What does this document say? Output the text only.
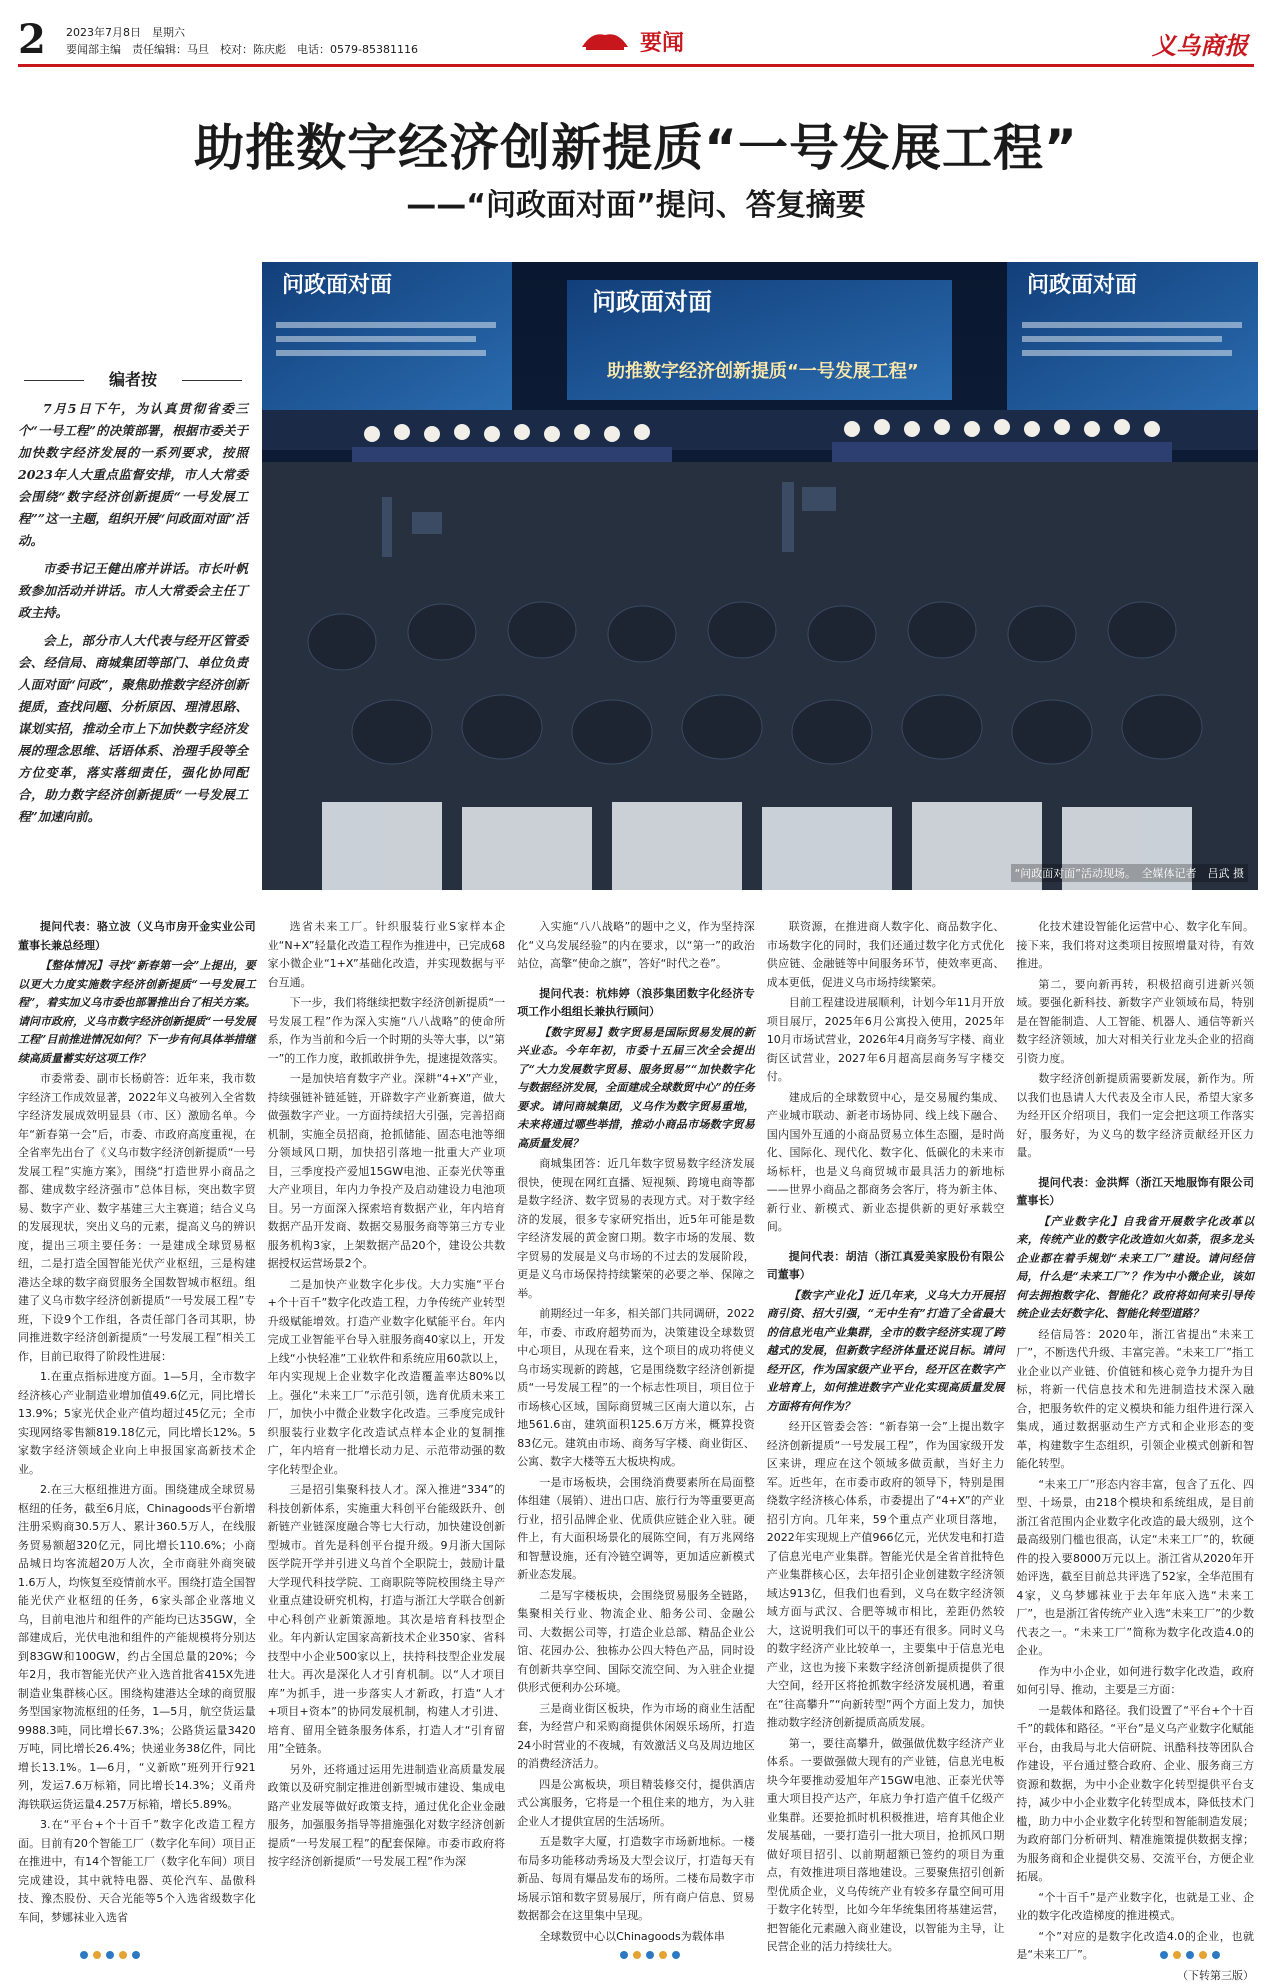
2 2023年7月8日　星期六
要闻部主编　责任编辑：马旦　校对：陈庆彪　电话：0579-85381116	要闻	义乌商报
助推数字经济创新提质“一号发展工程”
——“问政面对面”提问、答复摘要
编者按

7月5日下午，为认真贯彻省委三个“一号工程”的决策部署，根据市委关于加快数字经济发展的一系列要求，按照2023年人大重点监督安排，市人大常委会围绕“数字经济创新提质“一号发展工程””这一主题，组织开展“问政面对面”活动。

市委书记王健出席并讲话。市长叶帆致参加活动并讲话。市人大常委会主任丁政主持。

会上，部分市人大代表与经开区管委会、经信局、商城集团等部门、单位负责人面对面“问政”，聚焦助推数字经济创新提质，查找问题、分析原因、理清思路、谋划实招，推动全市上下加快数字经济发展的理念思维、话语体系、治理手段等全方位变革，落实落细责任，强化协同配合，助力数字经济创新提质“一号发展工程”加速向前。

问政面对面
问政面对面
问政面对面
助推数字经济创新提质“一号发展工程”
“问政面对面”活动现场。　全媒体记者　吕武 摄

提问代表：骆立波（义乌市房开金实业公司董事长兼总经理）

【整体情况】寻找“新春第一会”上提出，要以更大力度实施数字经济创新提质“一号发展工程”，着实加义乌市委也部署推出台了相关方案。请问市政府，义乌市数字经济创新提质“一号发展工程”目前推进情况如何？下一步有何具体举措继续高质量蓄实好这项工作？

市委常委、副市长杨蔚答：近年来，我市数字经济工作成效显著，2022年义乌被列入全省数字经济发展成效明显县（市、区）激励名单。今年“新春第一会”后，市委、市政府高度重视，在全省率先出台了《义乌市数字经济创新提质“一号发展工程”实施方案》，围绕“打造世界小商品之都、建成数字经济强市”总体目标，突出数字贸易、数字产业、数字基建三大主赛道；结合义乌的发展现状，突出义乌的元素，提高义乌的辨识度，提出三项主要任务：一是建成全球贸易枢纽，二是打造全国智能光伏产业枢纽，三是构建港达全球的数字商贸服务全国数智城市枢纽。组建了义乌市数字经济创新提质“一号发展工程”专班，下设9个工作组，各责任部门各司其职，协同推进数字经济创新提质“一号发展工程”相关工作，目前已取得了阶段性进展：

1.在重点指标进度方面。1—5月，全市数字经济核心产业制造业增加值49.6亿元，同比增长13.9%；5家光伏企业产值均超过45亿元；全市实现网络零售额819.18亿元，同比增长12%。5家数字经济领域企业向上申报国家高新技术企业。

2.在三大枢纽推进方面。围绕建成全球贸易枢纽的任务，截至6月底，Chinagoods平台新增注册采购商30.5万人、累计360.5万人，在线服务贸易额超320亿元，同比增长110.6%；小商品城日均客流超20万人次，全市商驻外商突破1.6万人，均恢复至疫情前水平。围绕打造全国智能光伏产业枢纽的任务，6家头部企业落地义乌，目前电池片和组件的产能均已达35GW，全部建成后，光伏电池和组件的产能规模将分别达到83GW和100GW，约占全国总量的20%；今年2月，我市智能光伏产业入选首批省415X先进制造业集群核心区。围绕构建港达全球的商贸服务型国家物流枢纽的任务，1—5月，航空货运量9988.3吨，同比增长67.3%；公路货运量3420万吨，同比增长26.4%；快递业务38亿件，同比增长13.1%。1—6月，“义新欧”班列开行921列，发运7.6万标箱，同比增长14.3%；义甬舟海铁联运货运量4.257万标箱，增长5.89%。

3.在“平台+个十百千”数字化改造工程方面。目前有20个智能工厂（数字化车间）项目正在推进中，有14个智能工厂（数字化车间）项目完成建设，其中就特电器、英伦汽车、晶傲科技、豫杰股份、天合光能等5个入选省级数字化车间，梦娜袜业入选省

选省未来工厂。针织服装行业S家样本企业“N+X”轻量化改造工程作为推进中，已完成68家小微企业“1+X”基础化改造，并实现数据与平台互通。

下一步，我们将继续把数字经济创新提质“一号发展工程”作为深入实施“八八战略”的使命所系，作为当前和今后一个时期的头等大事，以“第一”的工作力度，敢抓敢拼争先，提速提效落实。

一是加快培育数字产业。深耕“4+X”产业，持续强链补链延链，开辟数字产业新赛道，做大做强数字产业。一方面持续招大引强，完善招商机制，实施全员招商，抢抓储能、固态电池等细分领域风口期，加快招引落地一批重大产业项目，三季度投产爱旭15GW电池、正泰光伏等重大产业项目，年内力争投产及启动建设力电池项目。另一方面深入探索培育数据产业，年内培育数据产品开发商、数据交易服务商等第三方专业服务机构3家，上架数据产品20个，建设公共数据授权运营场景2个。

二是加快产业数字化步伐。大力实施“平台+个十百千”数字化改造工程，力争传统产业转型升级赋能增效。打造产业数字化赋能平台。年内完成工业智能平台导入驻服务商40家以上，开发上线“小快轻准”工业软件和系统应用60款以上，年内实现规上企业数字化改造覆盖率达80%以上。强化“未来工厂”示范引领，选育优质未来工厂，加快小中微企业数字化改造。三季度完成针织服装行业数字化改造试点样本企业的复制推广，年内培育一批增长动力足、示范带动强的数字化转型企业。

三是招引集聚科技人才。深入推进“334”的科技创新体系，实施重大科创平台能级跃升、创新链产业链深度融合等七大行动，加快建设创新型城市。首先是科创平台提升级。9月浙大国际医学院开学并引进义乌首个全职院士，鼓励计量大学现代科技学院、工商职院等院校围绕主导产业重点建设研究机构，打造与浙江大学联合创新中心科创产业新策源地。其次是培育科技型企业。年内新认定国家高新技术企业350家、省科技型中小企业500家以上，扶持科技型企业发展壮大。再次是深化人才引育机制。以“人才项目库”为抓手，进一步落实人才新政，打造“人才+项目+资本”的协同发展机制，构建人才引进、培育、留用全链条服务体系，打造人才“引育留用”全链条。

另外，还将通过运用先进制造业高质量发展政策以及研究制定推进创新型城市建设、集成电路产业发展等做好政策支持，通过优化企业金融服务，加强服务指导等措施强化对数字经济创新提质“一号发展工程”的配套保障。市委市政府将按字经济创新提质“一号发展工程”作为深

入实施“八八战略”的题中之义，作为坚持深化“义乌发展经验”的内在要求，以“第一”的政治站位，高擎“使命之旗”，答好“时代之卷”。

提问代表：杭炜婷（浪莎集团数字化经济专项工作小组组长兼执行顾问）

【数字贸易】数字贸易是国际贸易发展的新兴业态。今年年初，市委十五届三次全会提出了“大力发展数字贸易、服务贸易”“加快数字化与数据经济发展，全面建成全球数贸中心”的任务要求。请问商城集团，义乌作为数字贸易重地，未来将通过哪些举措，推动小商品市场数字贸易高质量发展？

商城集团答：近几年数字贸易数字经济发展很快，使现在网红直播、短视频、跨境电商等都是数字经济、数字贸易的表现方式。对于数字经济的发展，很多专家研究指出，近5年可能是数字经济发展的黄金窗口期。数字市场的发展、数字贸易的发展是义乌市场的不过去的发展阶段，更是义乌市场保持持续繁荣的必要之举、保障之举。

前期经过一年多，相关部门共同调研，2022年，市委、市政府超势而为，决策建设全球数贸中心项目，从现在看来，这个项目的成功将使义乌市场实现新的跨越，它是围绕数字经济创新提质“一号发展工程”的一个标志性项目，项目位于市场核心区域，国际商贸城三区南大道以东，占地561.6亩，建筑面积125.6万方米，概算投资83亿元。建筑由市场、商务写字楼、商业街区、公寓、数字大楼等五大板块构成。

一是市场板块，会围绕消费要素所在局面整体组建（展销）、进出口店、旅行行为等重要更高行业，招引品牌企业、优质供应链企业入驻。硬件上，有大面积场景化的展陈空间，有万兆网络和智慧设施，还有冷链空调等，更加适应新模式新业态发展。

二是写字楼板块，会围绕贸易服务全链路，集聚相关行业、物流企业、船务公司、金融公司、大数据公司等，打造企业总部、精品企业公馆、花园办公、独栋办公四大特色产品，同时设有创新共享空间、国际交流空间、为入驻企业提供形式便利办公环境。

三是商业街区板块，作为市场的商业生活配套，为经营户和采购商提供休闲娱乐场所，打造24小时营业的不夜城，有效激活义乌及周边地区的消费经济活力。

四是公寓板块，项目精装修交付，提供酒店式公寓服务，它将是一个租住来的地方，为入驻企业人才提供宜居的生活场所。

五是数字大厦，打造数字市场新地标。一楼布局多功能移动秀场及大型会议厅，打造每天有新品、每周有爆品发布的场所。二楼布局数字市场展示馆和数字贸易展厅，所有商户信息、贸易数据都会在这里集中呈现。

全球数贸中心以Chinagoods为载体串

联资源，在推进商人数字化、商品数字化、市场数字化的同时，我们还通过数字化方式优化供应链、金融链等中间服务环节，使效率更高、成本更低，促进义乌市场持续繁荣。

目前工程建设进展顺利，计划今年11月开放项目展厅，2025年6月公寓投入使用，2025年10月市场试营业，2026年4月商务写字楼、商业街区试营业，2027年6月超高层商务写字楼交付。

建成后的全球数贸中心，是交易履约集成、产业城市联动、新老市场协同、线上线下融合、国内国外互通的小商品贸易立体生态圈，是时尚化、国际化、现代化、数字化、低碳化的未来市场标杆，也是义乌商贸城市最具活力的新地标——世界小商品之都商务会客厅，将为新主体、新行业、新模式、新业态提供新的更好承载空间。

提问代表：胡洁（浙江真爱美家股份有限公司董事）

【数字产业化】近几年来，义乌大力开展招商引资、招大引强，“无中生有”打造了全省最大的信息光电产业集群，全市的数字经济实现了跨越式的发展，但新数字经济体量还说目标。请问经开区，作为国家级产业平台，经开区在数字产业培育上，如何推进数字产业化实现高质量发展方面将有何作为？

经开区管委会答：“新春第一会”上提出数字经济创新提质“一号发展工程”，作为国家级开发区来讲，理应在这个领域多做贡献，当好主力军。近些年，在市委市政府的领导下，特别是围绕数字经济核心体系，市委提出了“4+X”的产业招引方向。几年来，59个重点产业项目落地，2022年实现规上产值966亿元，光伏发电和打造了信息光电产业集群。智能光伏是全省首批特色产业集群核心区，去年招引企业创建数字经济领域达913亿，但我们也看到，义乌在数字经济领域方面与武汉、合肥等城市相比，差距仍然较大，这说明我们可以干的事还有很多。同时义乌的数字经济产业比较单一，主要集中于信息光电产业，这也为接下来数字经济创新提质提供了很大空间，经开区将抢抓数字经济发展机遇，着重在“往高攀升”“向新转型”两个方面上发力，加快推动数字经济创新提质高质发展。

第一，要往高攀升，做强做优数字经济产业体系。一要做强做大现有的产业链，信息光电板块今年要推动爱旭年产15GW电池、正泰光伏等重大项目投产达产，年底力争打造产值千亿级产业集群。还要抢抓时机积极推进，培育其他企业发展基础，一要打造引一批大项目，抢抓风口期做好项目招引、以前期超额已签约的项目为重点，有效推进项目落地建设。三要聚焦招引创新型优质企业，义乌传统产业有较多存量空间可用于数字化转型，比如今年华统集团将基建运营，把智能化元素融入商业建设，以智能为主导，让民营企业的活力持续壮大。

化技术建设智能化运营中心、数字化车间。接下来，我们将对这类项目按照增量对待，有效推进。

第二，要向新再转，积极招商引进新兴领域。要强化新科技、新数字产业领域布局，特别是在智能制造、人工智能、机器人、通信等新兴数字经济领域，加大对相关行业龙头企业的招商引资力度。

数字经济创新提质需要新发展，新作为。所以我们也恳请人大代表及全市人民，希望大家多为经开区介绍项目，我们一定会把这项工作落实好，服务好，为义乌的数字经济贡献经开区力量。

提问代表：金洪辉（浙江天地服饰有限公司董事长）

【产业数字化】自我省开展数字化改革以来，传统产业的数字化改造如火如荼，很多龙头企业都在着手规划“未来工厂”建设。请问经信局，什么是“未来工厂”？作为中小微企业，该如何去拥抱数字化、智能化？政府将如何来引导传统企业去好数字化、智能化转型道路？

经信局答：2020年，浙江省提出“未来工厂”，不断迭代升级、丰富完善。“未来工厂”指工业企业以产业链、价值链和核心竞争力提升为目标，将新一代信息技术和先进制造技术深入融合，把服务软件的定义模块和能力组件进行深入集成，通过数据驱动生产方式和企业形态的变革，构建数字生态组织，引领企业模式创新和智能化转型。

“未来工厂”形态内容丰富，包含了五化、四型、十场景，由218个模块和系统组成，是目前浙江省范围内企业数字化改造的最大级别，这个最高级别门槛也很高，认定“未来工厂”的，软硬件的投入要8000万元以上。浙江省从2020年开始评选，截至目前总共评选了52家，全华范围有4家，义乌梦娜袜业于去年年底入选“未来工厂”，也是浙江省传统产业入选“未来工厂”的少数代表之一。“未来工厂”简称为数字化改造4.0的企业。

作为中小企业，如何进行数字化改造，政府如何引导、推动，主要是三方面：

一是载体和路径。我们设置了“平台+个十百千”的载体和路径。“平台”是义乌产业数字化赋能平台，由我局与北大信研院、讯酷科技等团队合作建设，平台通过整合政府、企业、服务商三方资源和数据，为中小企业数字化转型提供平台支持，减少中小企业数字化转型成本，降低技术门槛，助力中小企业数字化转型和智能制造发展；为政府部门分析研判、精准施策提供数据支撑；为服务商和企业提供交易、交流平台，方便企业拓展。

“个十百千”是产业数字化，也就是工业、企业的数字化改造梯度的推进模式。

“个”对应的是数字化改造4.0的企业，也就是“未来工厂”。

（下转第三版）
